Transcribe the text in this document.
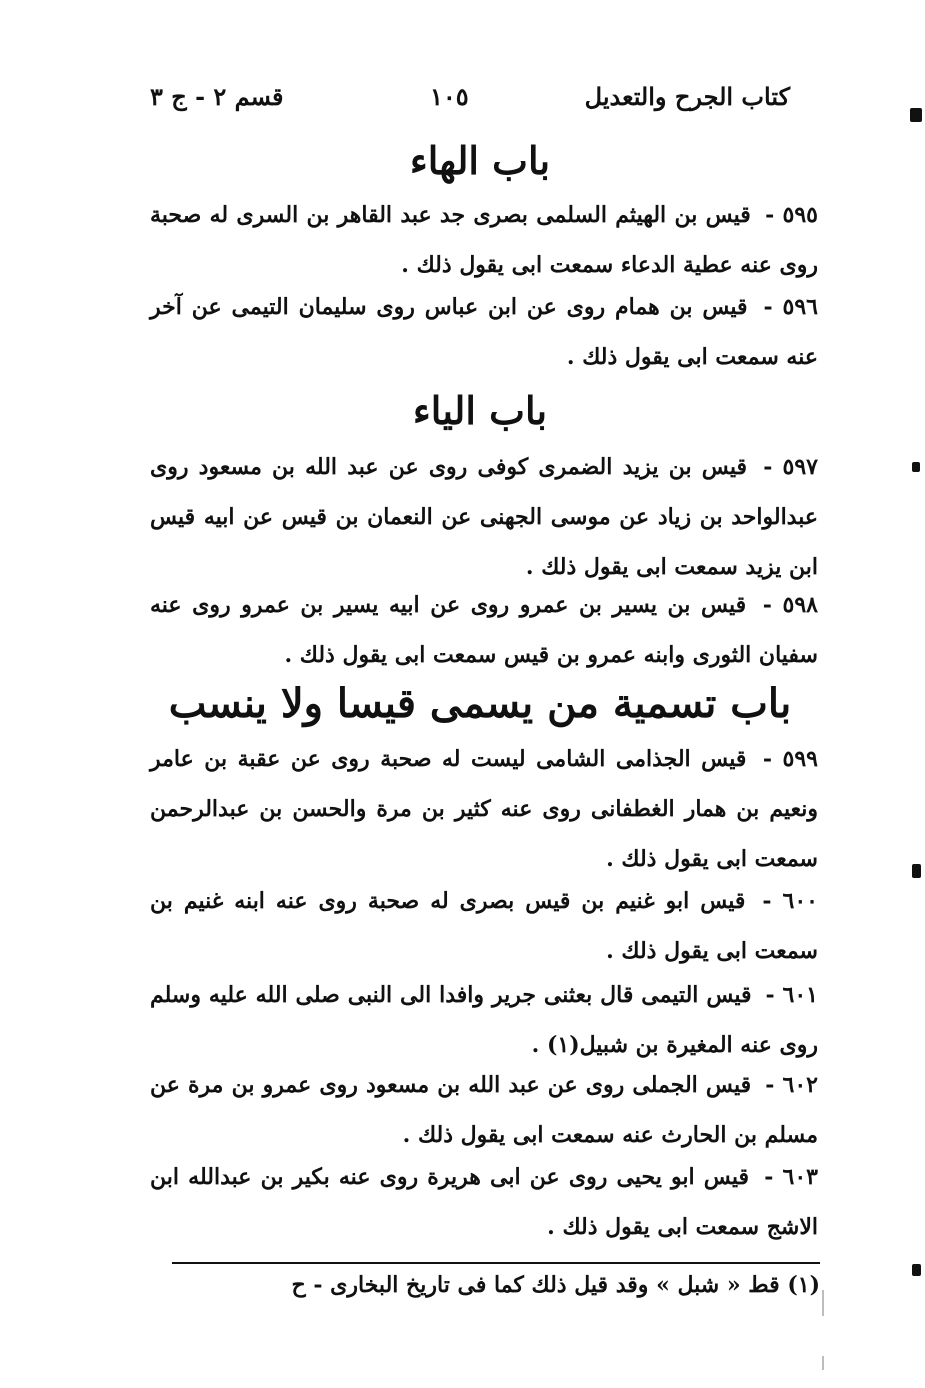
كتاب الجرح والتعديل
١٠٥
قسم ٢ - ج ٣
باب الهاء
٥٩٥ - قيس بن الهيثم السلمى بصرى جد عبد القاهر بن السرى له صحبة روى عنه عطية الدعاء سمعت ابى يقول ذلك .
٥٩٦ - قيس بن همام روى عن ابن عباس روى سليمان التيمى عن آخر عنه سمعت ابى يقول ذلك .
باب الياء
٥٩٧ - قيس بن يزيد الضمرى كوفى روى عن عبد الله بن مسعود روى عبدالواحد بن زياد عن موسى الجهنى عن النعمان بن قيس عن ابيه قيس ابن يزيد سمعت ابى يقول ذلك .
٥٩٨ - قيس بن يسير بن عمرو روى عن ابيه يسير بن عمرو روى عنه سفيان الثورى وابنه عمرو بن قيس سمعت ابى يقول ذلك .
باب تسمية من يسمى قيسا ولا ينسب
٥٩٩ - قيس الجذامى الشامى ليست له صحبة روى عن عقبة بن عامر ونعيم بن همار الغطفانى روى عنه كثير بن مرة والحسن بن عبدالرحمن سمعت ابى يقول ذلك .
٦٠٠ - قيس ابو غنيم بن قيس بصرى له صحبة روى عنه ابنه غنيم بن سمعت ابى يقول ذلك .
٦٠١ - قيس التيمى قال بعثنى جرير وافدا الى النبى صلى الله عليه وسلم روى عنه المغيرة بن شبيل(١) .
٦٠٢ - قيس الجملى روى عن عبد الله بن مسعود روى عمرو بن مرة عن مسلم بن الحارث عنه سمعت ابى يقول ذلك .
٦٠٣ - قيس ابو يحيى روى عن ابى هريرة روى عنه بكير بن عبدالله ابن الاشج سمعت ابى يقول ذلك .
(١) قط « شبل » وقد قيل ذلك كما فى تاريخ البخارى - ح
